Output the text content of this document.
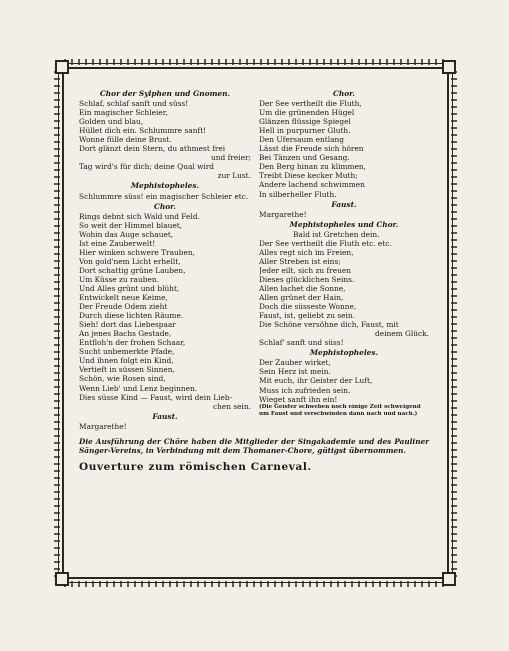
Chor der Sylphen und Gnomen.
Schlaf, schlaf sanft und süss!
Ein magischer Schleier,
Golden und blau,
Hüllet dich ein. Schlummre sanft!
Wonne fülle deine Brust.
Dort glänzt dein Stern, du athmest frei
und freier;
Tag wird's für dich; deine Qual wird
zur Lust.
Mephistopheles.
Schlummre süss! ein magischer Schleier etc.
Chor.
Rings debnt sich Wald und Feld.
So weit der Himmel blauet,
Wohin das Auge schauet,
Ist eine Zauberwelt!
Hier winken schwere Trauben,
Von gold'nem Licht erhellt,
Dort schattig grüne Lauben,
Um Küsse zu rauben.
Und Alles grünt und blüht,
Entwickelt neue Keime,
Der Freude Odem zieht
Durch diese lichten Räume.
Sieh! dort das Liebespaar
An jenes Bachs Gestade,
Entfloh'n der frohen Schaar,
Sucht unbemerkte Pfade,
Und ihnen folgt ein Kind,
Vertieft in süssen Sinnen,
Schön, wie Rosen sind,
Wenn Lieb' und Lenz beginnen.
Dies süsse Kind — Faust, wird dein Lieb-
chen sein.
Faust.
Margarethe!
Chor.
Der See vertheilt die Fluth,
Um die grünenden Hügel
Glänzen flüssige Spiegel
Hell in purpurner Gluth.
Den Ufersaum entlang
Lässt die Freude sich hören
Bei Tänzen und Gesang.
Den Berg hinan zu klimmen,
Treibt Diese kecker Muth;
Andere lachend schwimmen
In silberheller Fluth.
Faust.
Margarethe!
Mephistopheles und Chor.
Bald ist Gretchen dein.
Der See vertheilt die Fluth etc. etc.
Alles regt sich im Freien,
Aller Streben ist eins;
Jeder eilt, sich zu freuen
Dieses glücklichen Seins.
Allen lachet die Sonne,
Allen grünet der Hain,
Doch die süsseste Wonne,
Faust, ist, geliebt zu sein.
Die Schöne versöhne dich, Faust, mit
deinem Glück.
Schlaf' sanft und süss!
Mephistopheles.
Der Zauber wirket,
Sein Herz ist mein.
Mit euch, ihr Geister der Luft,
Muss ich zufrieden sein.
Wieget sanft ihn ein!
(Die Geister schweben noch einige Zeit schweigend
um Faust und verschwinden dann nach und nach.)
Die Ausführung der Chöre haben die Mitglieder der Singakademie und des Pauliner Sänger-Vereins, in Verbindung mit dem Thomaner-Chore, gütigst übernommen.
Ouverture zum römischen Carneval.
